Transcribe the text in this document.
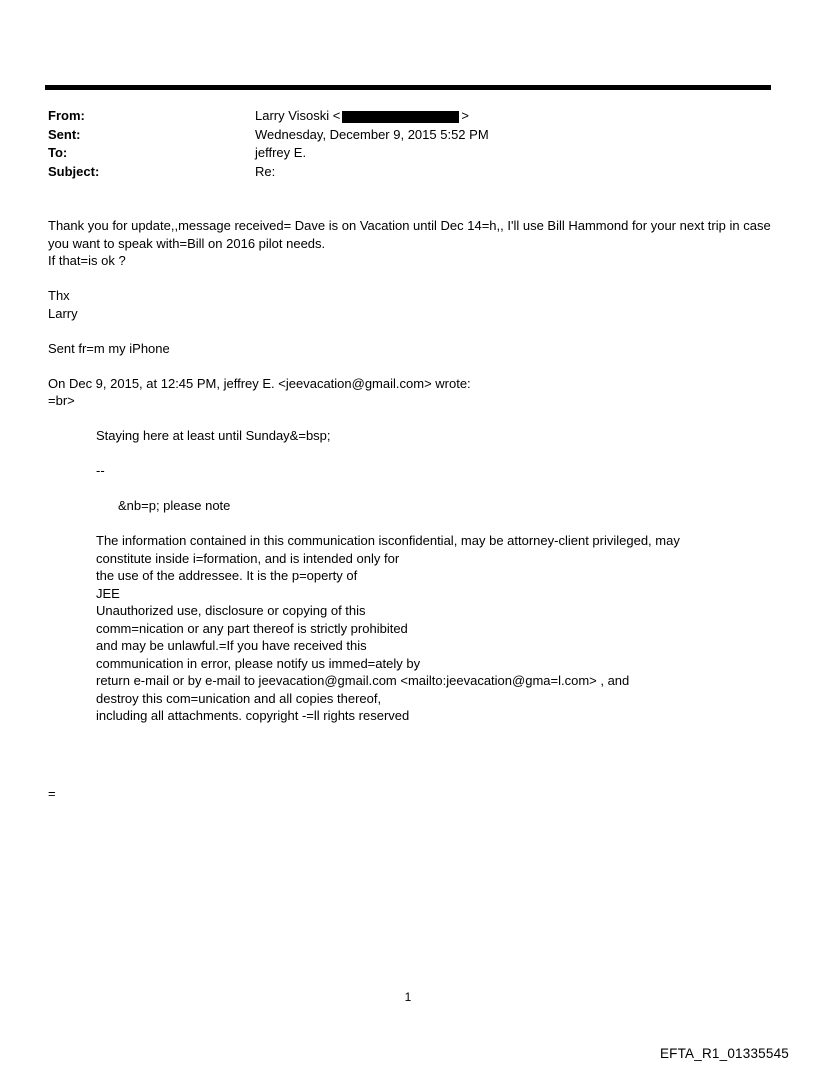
From:	Larry Visoski <	>
Sent:	Wednesday, December 9, 2015 5:52 PM
To:	jeffrey E.
Subject:	Re:
Thank you for update,,message received= Dave is on Vacation until Dec 14=h,, I'll use Bill Hammond for your next trip in case you want to speak with=Bill on 2016 pilot needs.
If that=is ok ?
Thx
Larry
Sent fr=m my iPhone
On Dec 9, 2015, at 12:45 PM, jeffrey E. <jeevacation@gmail.com> wrote:
=br>
Staying here at least until Sunday&=bsp;
--
&nb=p; please note
The information contained in this communication isconfidential, may be attorney-client privileged, may
constitute inside i=formation, and is intended only for
the use of the addressee. It is the p=operty of
JEE
Unauthorized use, disclosure or copying of this
comm=nication or any part thereof is strictly prohibited
and may be unlawful.=If you have received this
communication in error, please notify us immed=ately by
return e-mail or by e-mail to jeevacation@gmail.com <mailto:jeevacation@gma=l.com> , and
destroy this com=unication and all copies thereof,
including all attachments. copyright -=ll rights reserved
=
1
EFTA_R1_01335545
